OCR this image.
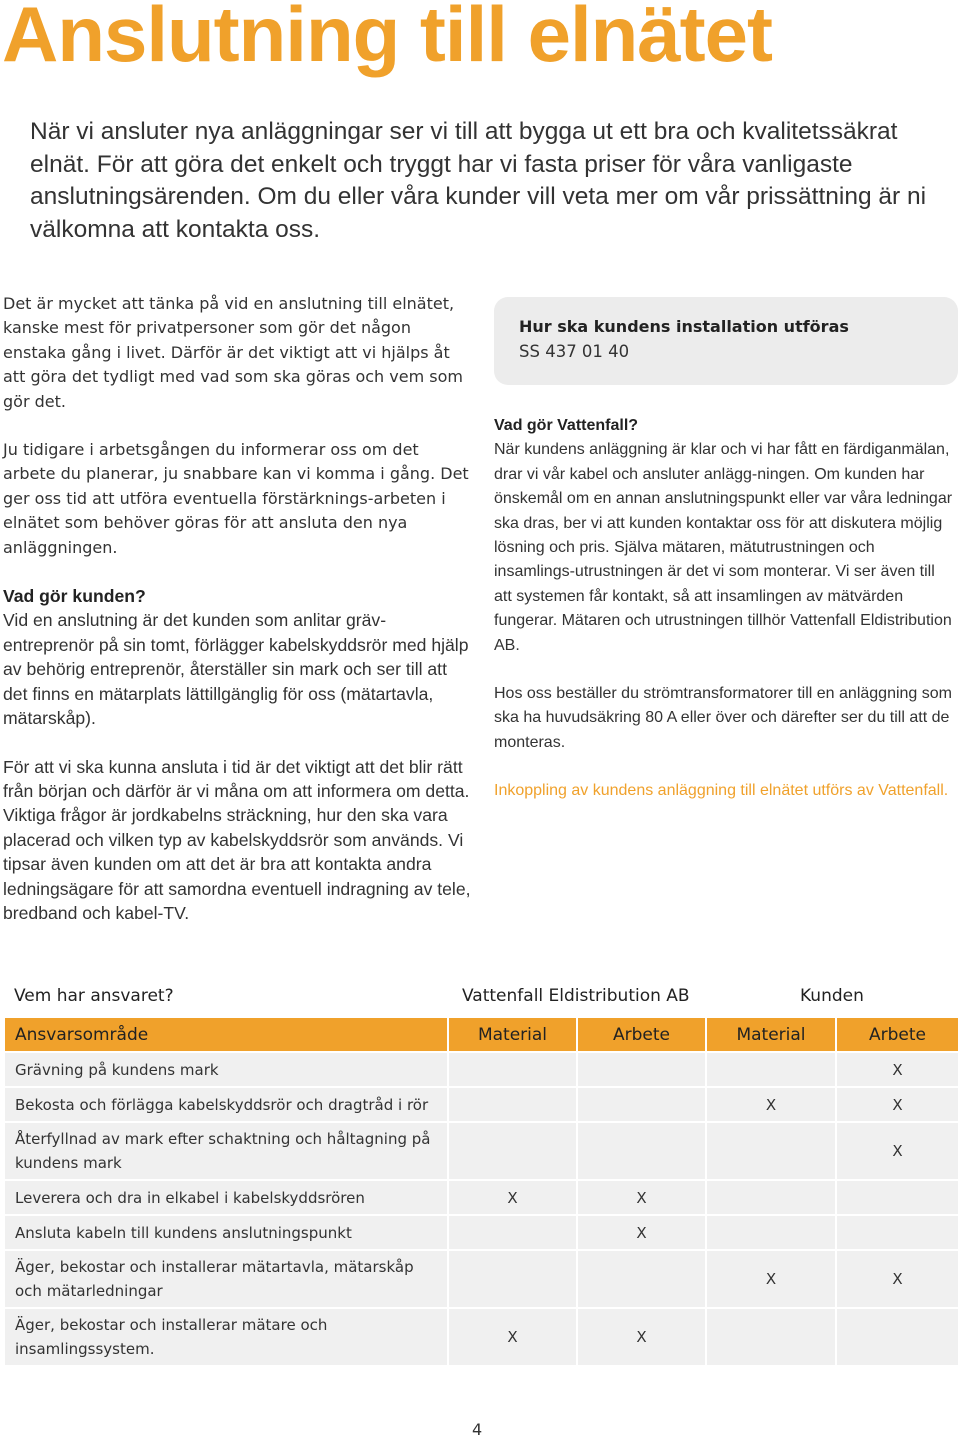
Anslutning till elnätet
När vi ansluter nya anläggningar ser vi till att bygga ut ett bra och kvalitetssäkrat elnät. För att göra det enkelt och tryggt har vi fasta priser för våra vanligaste anslutningsärenden. Om du eller våra kunder vill veta mer om vår prissättning är ni välkomna att kontakta oss.

Det är mycket att tänka på vid en anslutning till elnätet, kanske mest för privatpersoner som gör det någon enstaka gång i livet. Därför är det viktigt att vi hjälps åt att göra det tydligt med vad som ska göras och vem som gör det.

Ju tidigare i arbetsgången du informerar oss om det arbete du planerar, ju snabbare kan vi komma i gång. Det ger oss tid att utföra eventuella förstärknings-arbeten i elnätet som behöver göras för att ansluta den nya anläggningen.

Vad gör kunden?

Vid en anslutning är det kunden som anlitar gräv-entreprenör på sin tomt, förlägger kabelskyddsrör med hjälp av behörig entreprenör, återställer sin mark och ser till att det finns en mätarplats lättillgänglig för oss (mätartavla, mätarskåp).

För att vi ska kunna ansluta i tid är det viktigt att det blir rätt från början och därför är vi måna om att informera om detta. Viktiga frågor är jordkabelns sträckning, hur den ska vara placerad och vilken typ av kabelskyddsrör som används. Vi tipsar även kunden om att det är bra att kontakta andra ledningsägare för att samordna eventuell indragning av tele, bredband och kabel-TV.

Hur ska kundens installation utföras
SS 437 01 40
Vad gör Vattenfall?

När kundens anläggning är klar och vi har fått en färdiganmälan, drar vi vår kabel och ansluter anlägg-ningen. Om kunden har önskemål om en annan anslutningspunkt eller var våra ledningar ska dras, ber vi att kunden kontaktar oss för att diskutera möjlig lösning och pris. Själva mätaren, mätutrustningen och insamlings-utrustningen är det vi som monterar. Vi ser även till att systemen får kontakt, så att insamlingen av mätvärden fungerar. Mätaren och utrustningen tillhör Vattenfall Eldistribution AB.

Hos oss beställer du strömtransformatorer till en anläggning som ska ha huvudsäkring 80 A eller över och därefter ser du till att de monteras.

Inkoppling av kundens anläggning till elnätet utförs av Vattenfall.

Vem har ansvaret?	Vattenfall Eldistribution AB	Kunden
Ansvarsområde	Material	Arbete	Material	Arbete
Grävning på kundens mark				X
Bekosta och förlägga kabelskyddsrör och dragtråd i rör			X	X
Återfyllnad av mark efter schaktning och håltagning på kundens mark				X
Leverera och dra in elkabel i kabelskyddsrören	X	X		
Ansluta kabeln till kundens anslutningspunkt		X		
Äger, bekostar och installerar mätartavla, mätarskåp och mätarledningar			X	X
Äger, bekostar och installerar mätare och insamlingssystem.	X	X		
4
